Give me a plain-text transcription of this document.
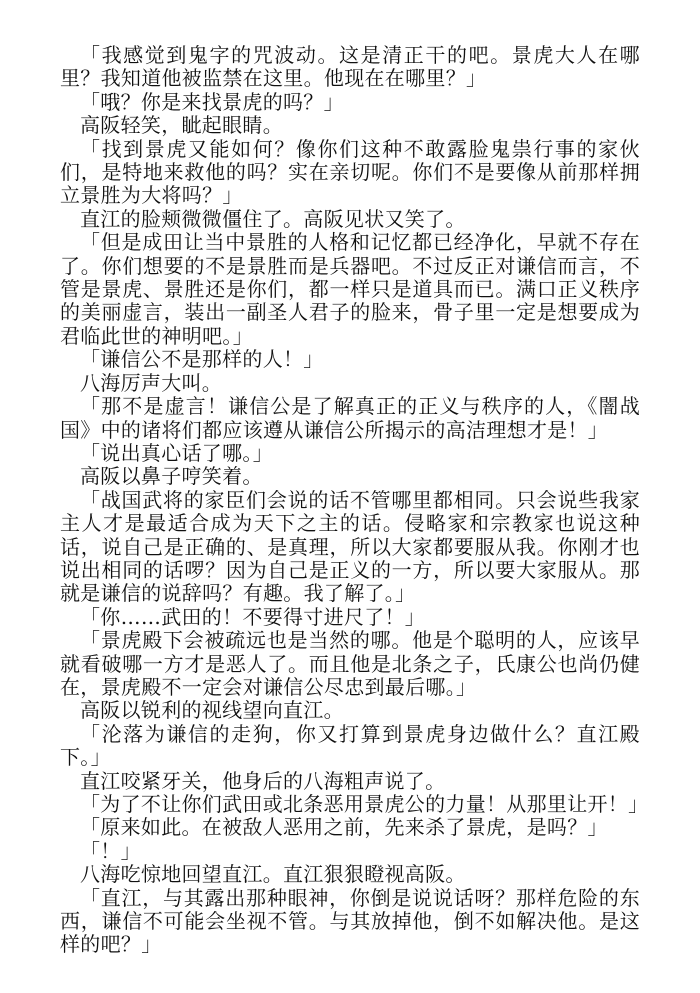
「我感觉到鬼字的咒波动。这是清正干的吧。景虎大人在哪里？我知道他被监禁在这里。他现在在哪里？」

「哦？你是来找景虎的吗？」

高阪轻笑，眦起眼睛。

「找到景虎又能如何？像你们这种不敢露脸鬼祟行事的家伙们，是特地来救他的吗？实在亲切呢。你们不是要像从前那样拥立景胜为大将吗？」

直江的脸颊微微僵住了。高阪见状又笑了。

「但是成田让当中景胜的人格和记忆都已经净化，早就不存在了。你们想要的不是景胜而是兵器吧。不过反正对谦信而言，不管是景虎、景胜还是你们，都一样只是道具而已。满口正义秩序的美丽虚言，装出一副圣人君子的脸来，骨子里一定是想要成为君临此世的神明吧。」

「谦信公不是那样的人！」

八海厉声大叫。

「那不是虚言！谦信公是了解真正的正义与秩序的人，《闇战国》中的诸将们都应该遵从谦信公所揭示的高洁理想才是！」

「说出真心话了哪。」

高阪以鼻子哼笑着。

「战国武将的家臣们会说的话不管哪里都相同。只会说些我家主人才是最适合成为天下之主的话。侵略家和宗教家也说这种话，说自己是正确的、是真理，所以大家都要服从我。你刚才也说出相同的话啰？因为自己是正义的一方，所以要大家服从。那就是谦信的说辞吗？有趣。我了解了。」

「你……武田的！不要得寸进尺了！」

「景虎殿下会被疏远也是当然的哪。他是个聪明的人，应该早就看破哪一方才是恶人了。而且他是北条之子，氏康公也尚仍健在，景虎殿不一定会对谦信公尽忠到最后哪。」

高阪以锐利的视线望向直江。

「沦落为谦信的走狗，你又打算到景虎身边做什么？直江殿下。」

直江咬紧牙关，他身后的八海粗声说了。

「为了不让你们武田或北条恶用景虎公的力量！从那里让开！」

「原来如此。在被敌人恶用之前，先来杀了景虎，是吗？」

「！」

八海吃惊地回望直江。直江狠狠瞪视高阪。

「直江，与其露出那种眼神，你倒是说说话呀？那样危险的东西，谦信不可能会坐视不管。与其放掉他，倒不如解决他。是这样的吧？」
